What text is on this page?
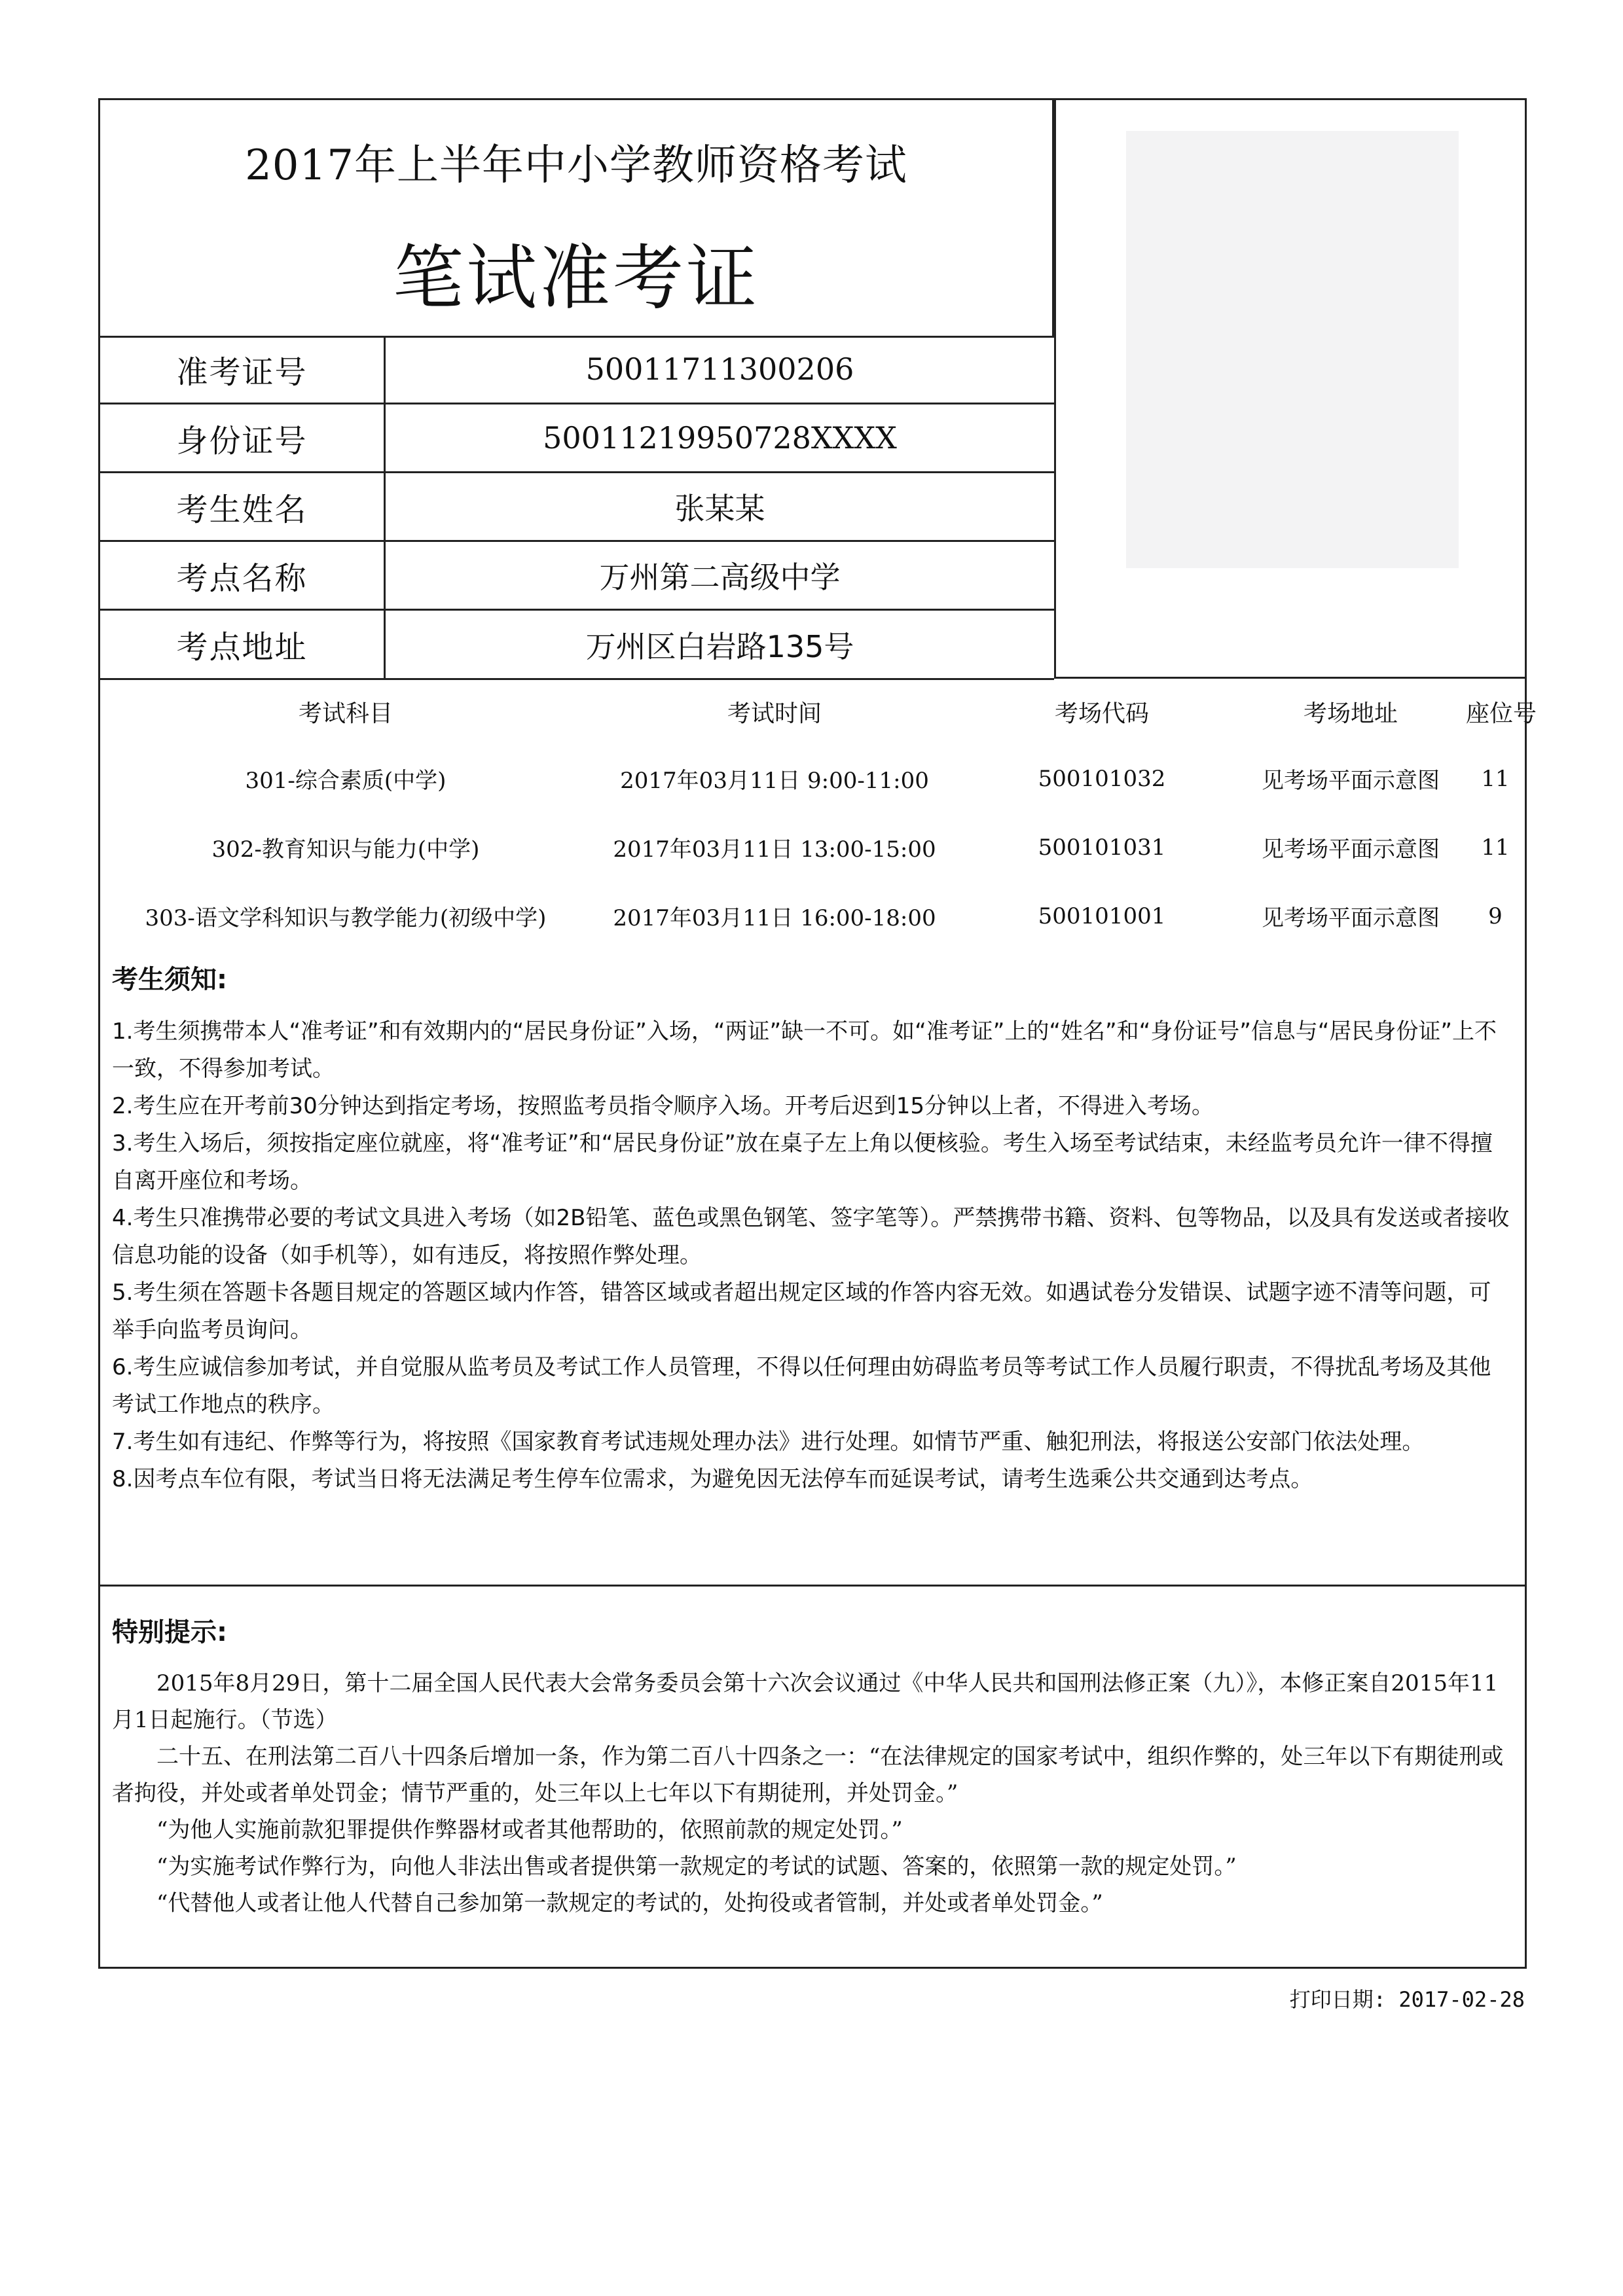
2017年上半年中小学教师资格考试
笔试准考证
准考证号	50011711300206
身份证号	50011219950728XXXX
考生姓名	张某某
考点名称	万州第二高级中学
考点地址	万州区白岩路135号
考试科目	考试时间	考场代码	考场地址	座位号
301-综合素质(中学)	2017年03月11日 9:00-11:00	500101032	见考场平面示意图	11
302-教育知识与能力(中学)	2017年03月11日 13:00-15:00	500101031	见考场平面示意图	11
303-语文学科知识与教学能力(初级中学)	2017年03月11日 16:00-18:00	500101001	见考场平面示意图	9
考生须知:

1.考生须携带本人“准考证”和有效期内的“居民身份证”入场，“两证”缺一不可。如“准考证”上的“姓名”和“身份证号”信息与“居民身份证”上不一致，不得参加考试。

2.考生应在开考前30分钟达到指定考场，按照监考员指令顺序入场。开考后迟到15分钟以上者，不得进入考场。

3.考生入场后，须按指定座位就座，将“准考证”和“居民身份证”放在桌子左上角以便核验。考生入场至考试结束，未经监考员允许一律不得擅自离开座位和考场。

4.考生只准携带必要的考试文具进入考场（如2B铅笔、蓝色或黑色钢笔、签字笔等）。严禁携带书籍、资料、包等物品，以及具有发送或者接收信息功能的设备（如手机等），如有违反，将按照作弊处理。

5.考生须在答题卡各题目规定的答题区域内作答，错答区域或者超出规定区域的作答内容无效。如遇试卷分发错误、试题字迹不清等问题，可举手向监考员询问。

6.考生应诚信参加考试，并自觉服从监考员及考试工作人员管理，不得以任何理由妨碍监考员等考试工作人员履行职责，不得扰乱考场及其他考试工作地点的秩序。

7.考生如有违纪、作弊等行为，将按照《国家教育考试违规处理办法》进行处理。如情节严重、触犯刑法，将报送公安部门依法处理。

8.因考点车位有限，考试当日将无法满足考生停车位需求，为避免因无法停车而延误考试，请考生选乘公共交通到达考点。

特别提示:

2015年8月29日，第十二届全国人民代表大会常务委员会第十六次会议通过《中华人民共和国刑法修正案（九）》，本修正案自2015年11月1日起施行。（节选）

二十五、在刑法第二百八十四条后增加一条，作为第二百八十四条之一：“在法律规定的国家考试中，组织作弊的，处三年以下有期徒刑或者拘役，并处或者单处罚金；情节严重的，处三年以上七年以下有期徒刑，并处罚金。”

“为他人实施前款犯罪提供作弊器材或者其他帮助的，依照前款的规定处罚。”

“为实施考试作弊行为，向他人非法出售或者提供第一款规定的考试的试题、答案的，依照第一款的规定处罚。”

“代替他人或者让他人代替自己参加第一款规定的考试的，处拘役或者管制，并处或者单处罚金。”

打印日期: 2017-02-28
